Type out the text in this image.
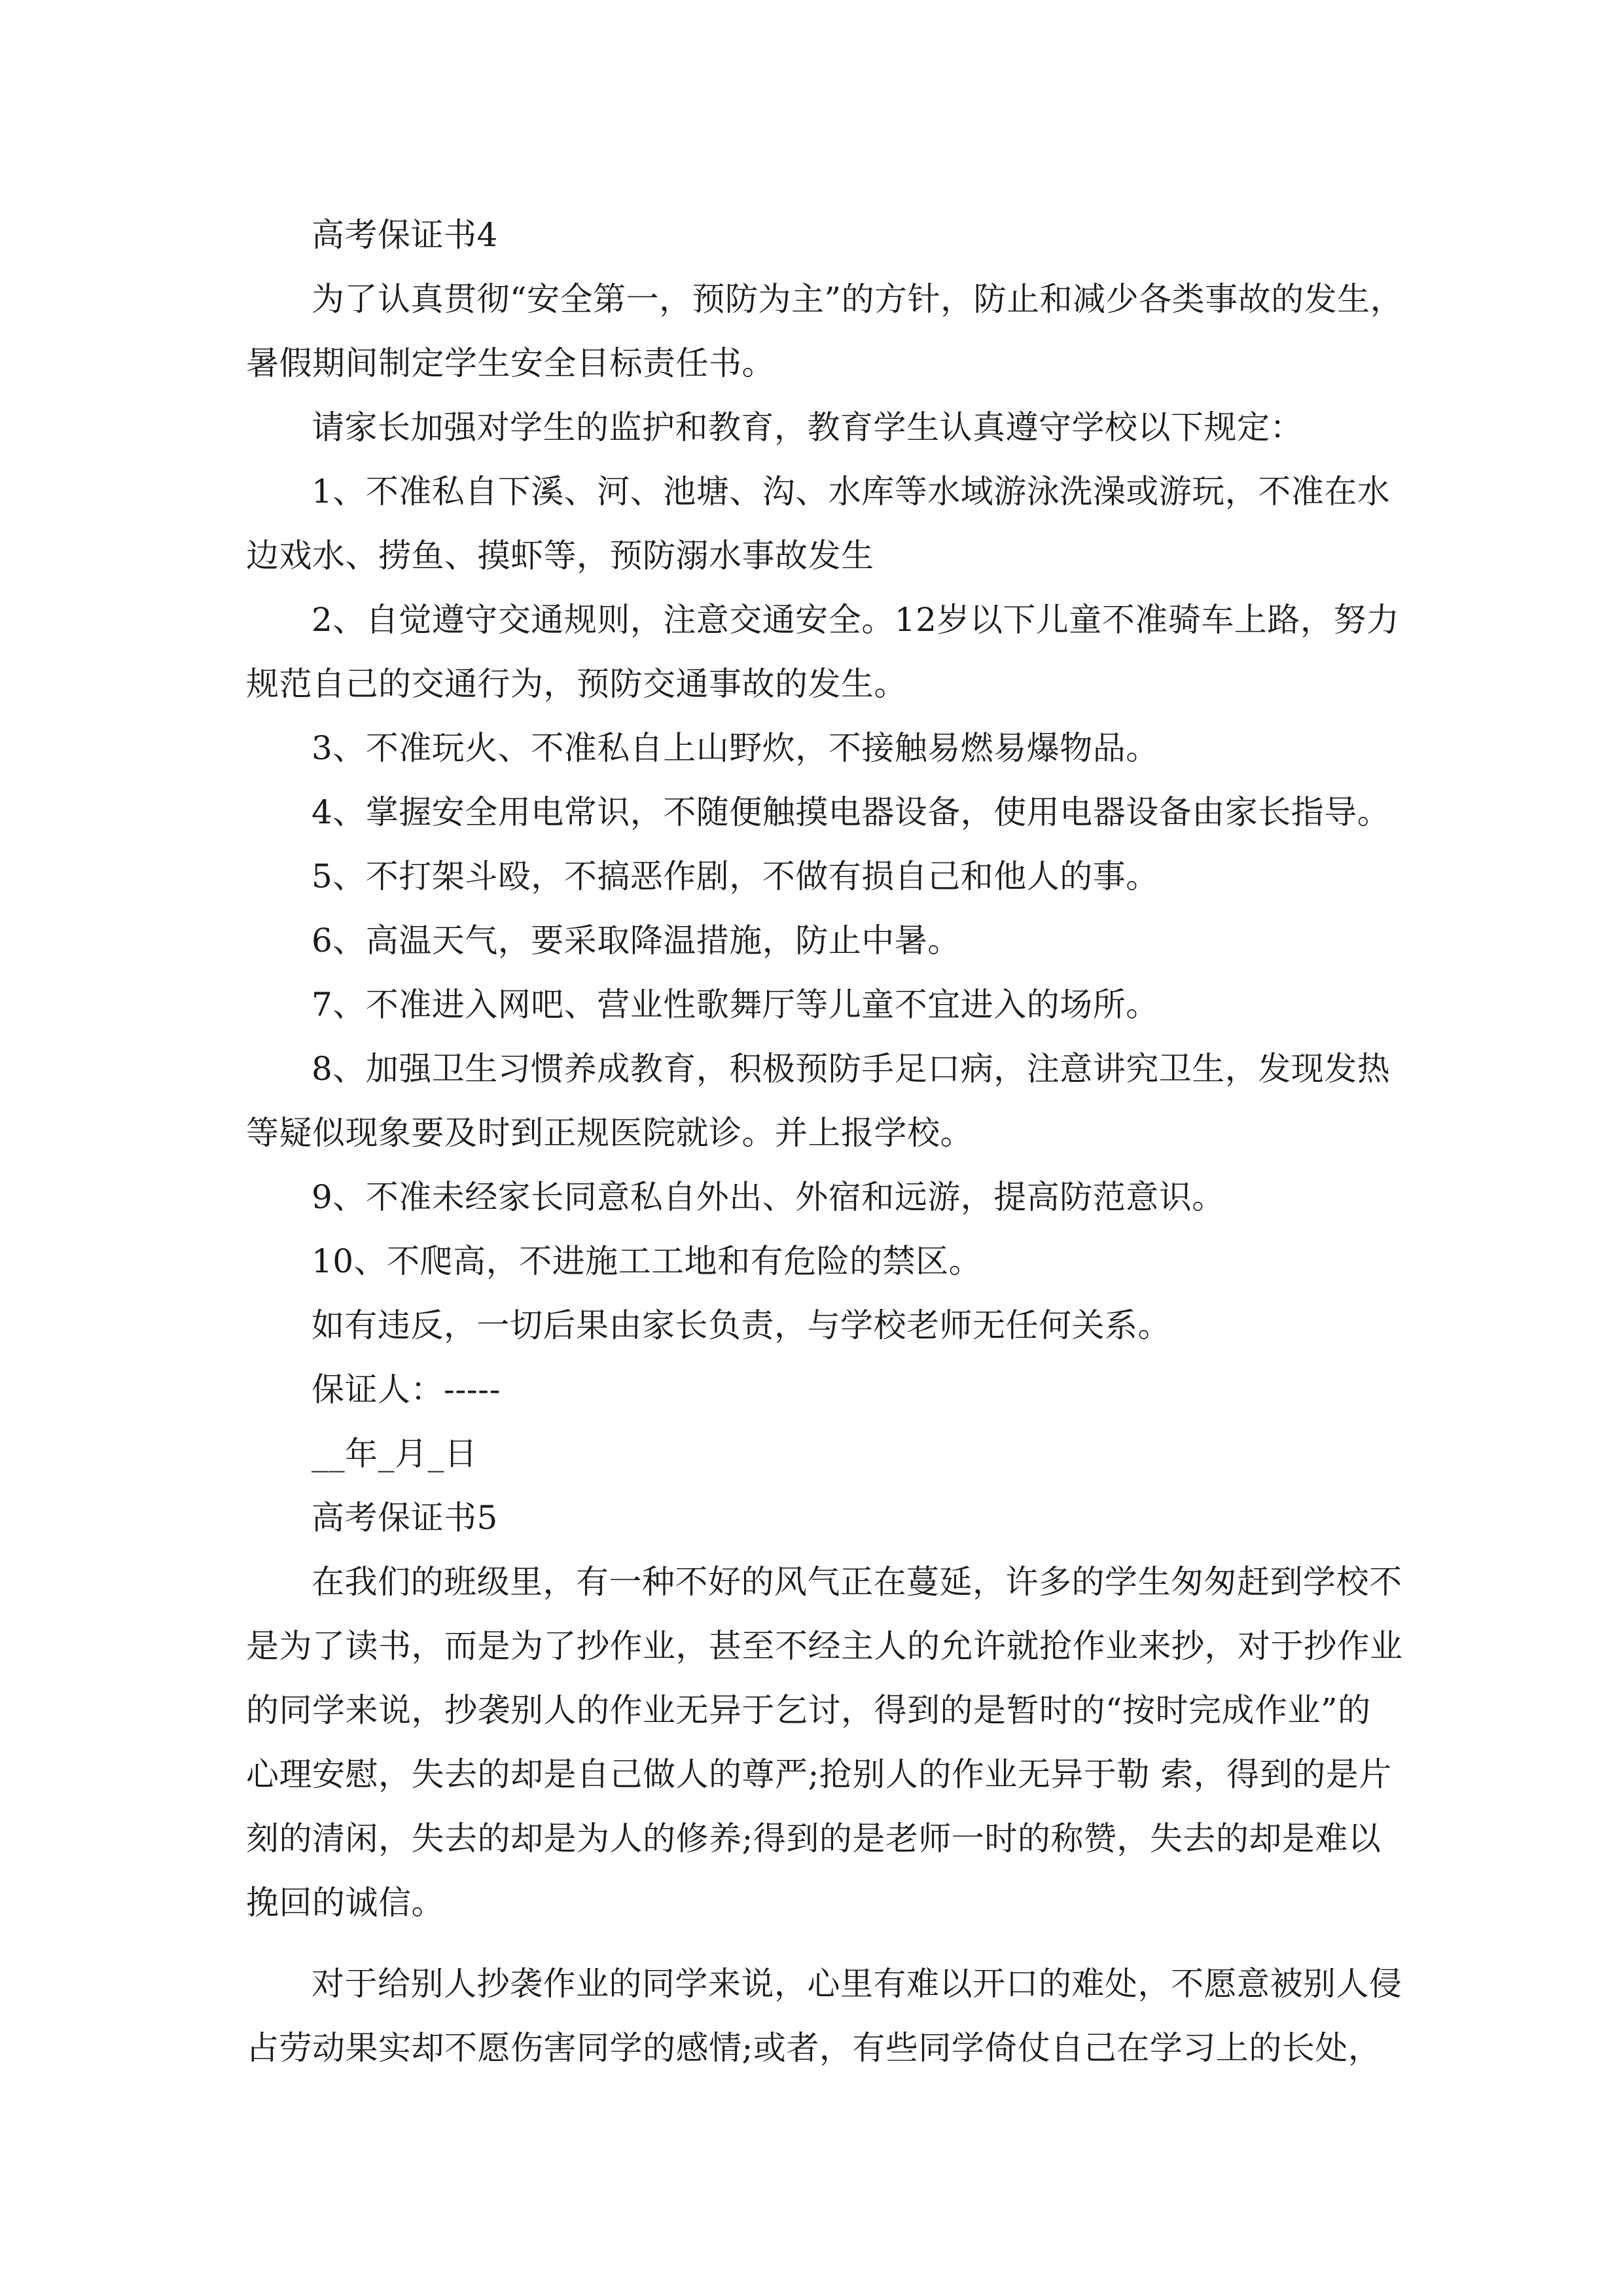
高考保证书4

为了认真贯彻“安全第一，预防为主”的方针，防止和减少各类事故的发生，

暑假期间制定学生安全目标责任书。

请家长加强对学生的监护和教育，教育学生认真遵守学校以下规定：

1、不准私自下溪、河、池塘、沟、水库等水域游泳洗澡或游玩，不准在水

边戏水、捞鱼、摸虾等，预防溺水事故发生

2、自觉遵守交通规则，注意交通安全。12岁以下儿童不准骑车上路，努力

规范自己的交通行为，预防交通事故的发生。

3、不准玩火、不准私自上山野炊，不接触易燃易爆物品。

4、掌握安全用电常识，不随便触摸电器设备，使用电器设备由家长指导。

5、不打架斗殴，不搞恶作剧，不做有损自己和他人的事。

6、高温天气，要采取降温措施，防止中暑。

7、不准进入网吧、营业性歌舞厅等儿童不宜进入的场所。

8、加强卫生习惯养成教育，积极预防手足口病，注意讲究卫生，发现发热

等疑似现象要及时到正规医院就诊。并上报学校。

9、不准未经家长同意私自外出、外宿和远游，提高防范意识。

10、不爬高，不进施工工地和有危险的禁区。

如有违反，一切后果由家长负责，与学校老师无任何关系。

保证人：-----

__年_月_日

高考保证书5

在我们的班级里，有一种不好的风气正在蔓延，许多的学生匆匆赶到学校不

是为了读书，而是为了抄作业，甚至不经主人的允许就抢作业来抄，对于抄作业

的同学来说，抄袭别人的作业无异于乞讨，得到的是暂时的“按时完成作业”的

心理安慰，失去的却是自己做人的尊严;抢别人的作业无异于勒 索，得到的是片

刻的清闲，失去的却是为人的修养;得到的是老师一时的称赞，失去的却是难以

挽回的诚信。

对于给别人抄袭作业的同学来说，心里有难以开口的难处，不愿意被别人侵

占劳动果实却不愿伤害同学的感情;或者，有些同学倚仗自己在学习上的长处，
